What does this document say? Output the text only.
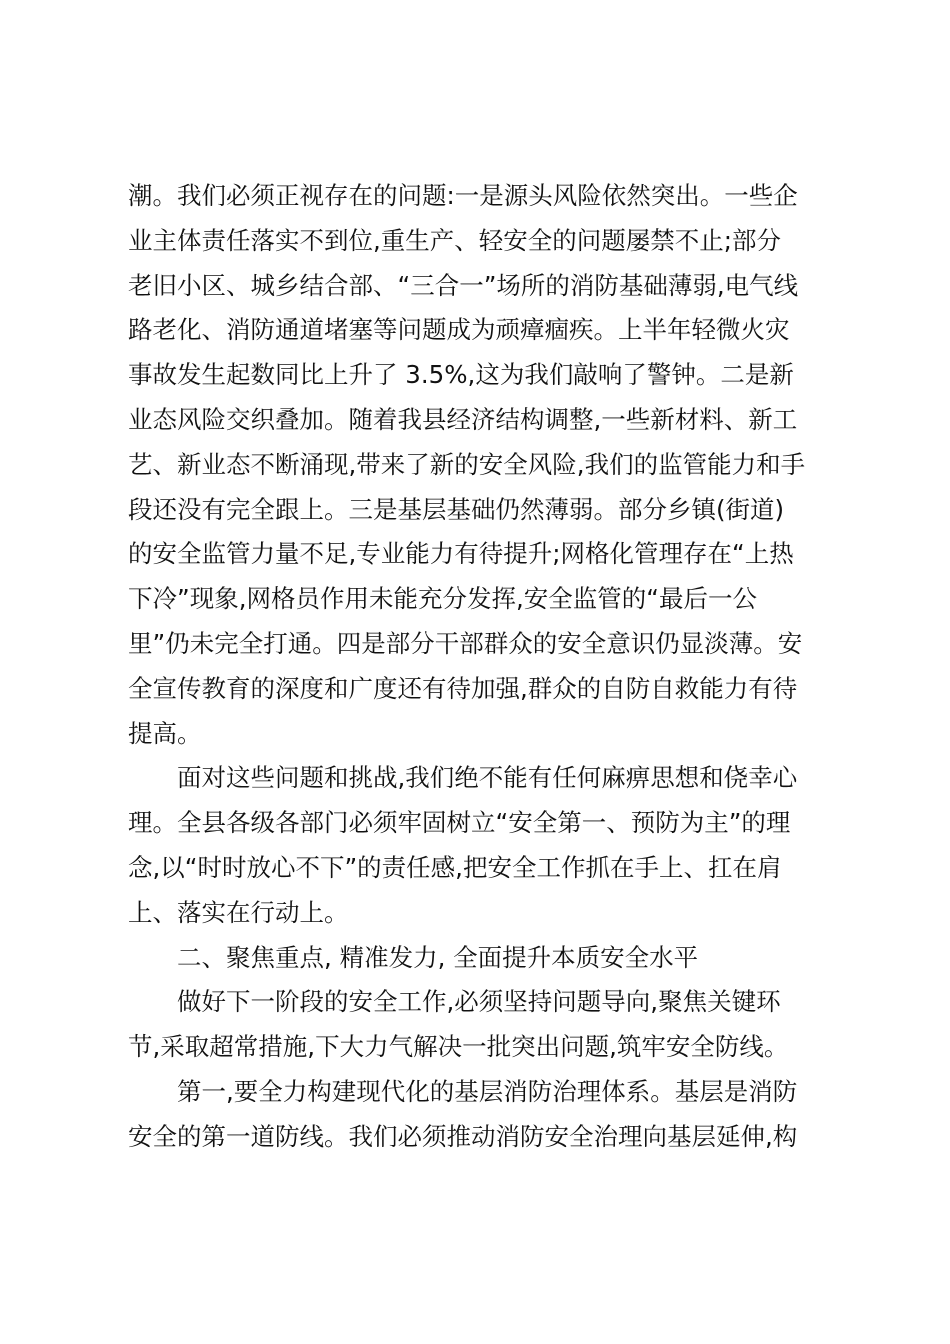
潮。我们必须正视存在的问题:一是源头风险依然突出。一些企
业主体责任落实不到位,重生产、轻安全的问题屡禁不止;部分
老旧小区、城乡结合部、“三合一”场所的消防基础薄弱,电气线
路老化、消防通道堵塞等问题成为顽瘴痼疾。上半年轻微火灾
事故发生起数同比上升了 3.5%,这为我们敲响了警钟。二是新
业态风险交织叠加。随着我县经济结构调整,一些新材料、新工
艺、新业态不断涌现,带来了新的安全风险,我们的监管能力和手
段还没有完全跟上。三是基层基础仍然薄弱。部分乡镇(街道)
的安全监管力量不足,专业能力有待提升;网格化管理存在“上热
下冷”现象,网格员作用未能充分发挥,安全监管的“最后一公
里”仍未完全打通。四是部分干部群众的安全意识仍显淡薄。安
全宣传教育的深度和广度还有待加强,群众的自防自救能力有待
提高。
面对这些问题和挑战,我们绝不能有任何麻痹思想和侥幸心
理。全县各级各部门必须牢固树立“安全第一、预防为主”的理
念,以“时时放心不下”的责任感,把安全工作抓在手上、扛在肩
上、落实在行动上。
二、聚焦重点, 精准发力, 全面提升本质安全水平
做好下一阶段的安全工作,必须坚持问题导向,聚焦关键环
节,采取超常措施,下大力气解决一批突出问题,筑牢安全防线。
第一,要全力构建现代化的基层消防治理体系。基层是消防
安全的第一道防线。我们必须推动消防安全治理向基层延伸,构
